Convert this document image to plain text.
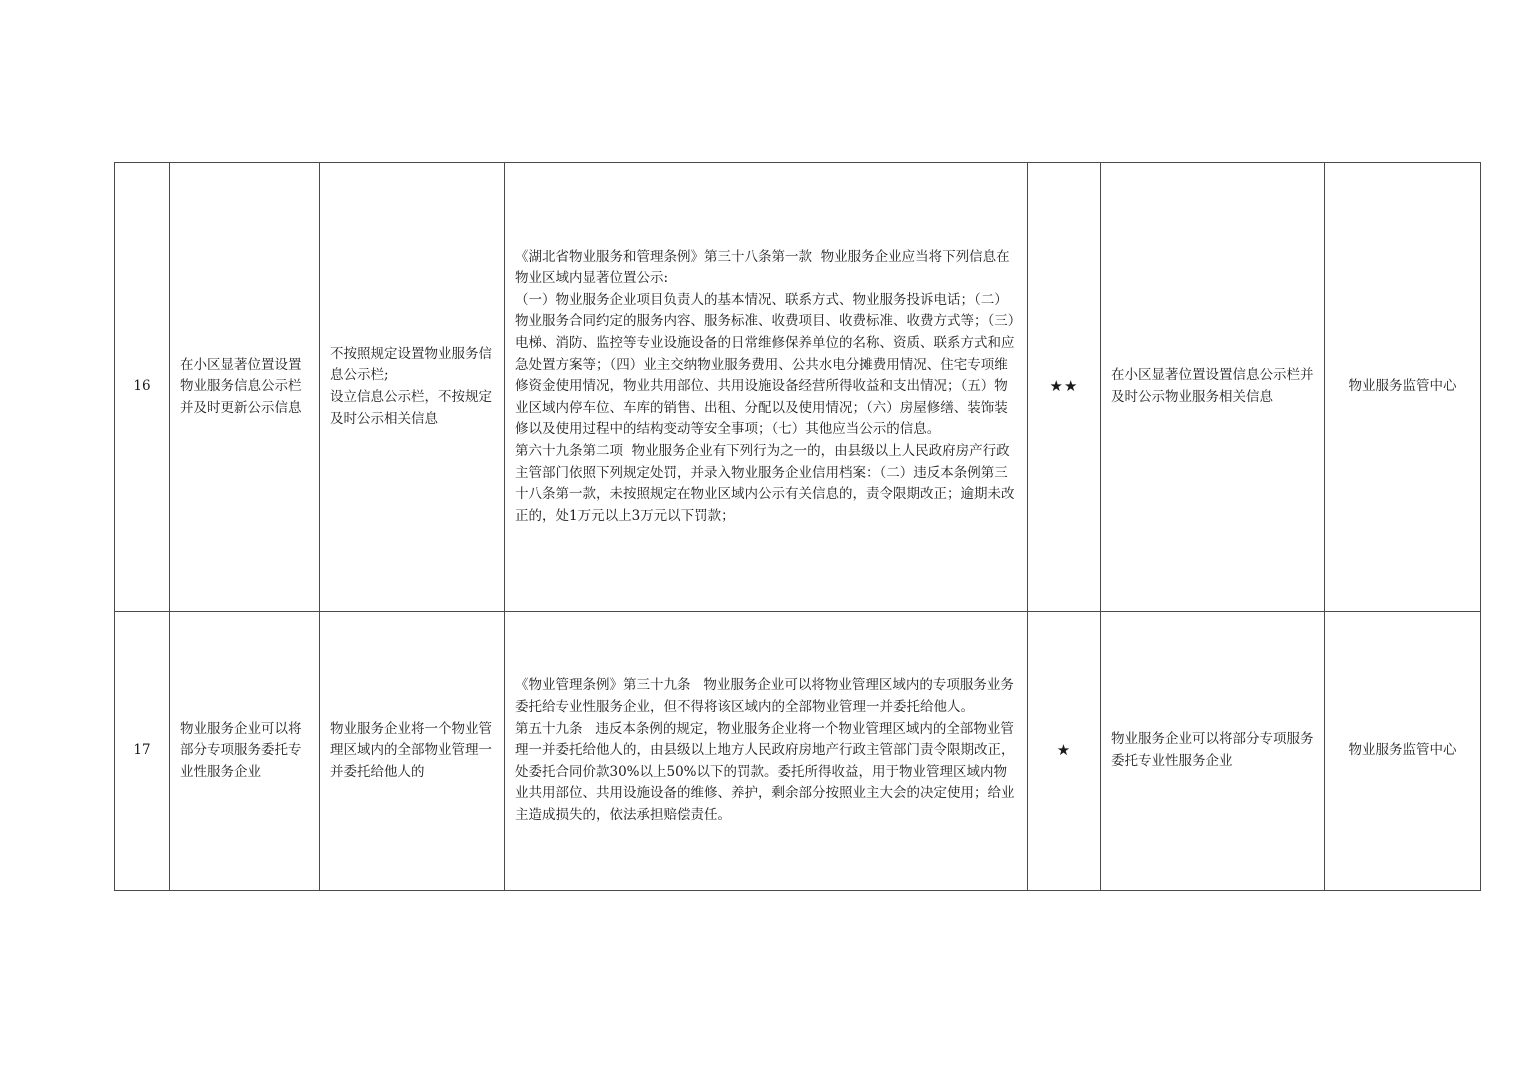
16	在小区显著位置设置物业服务信息公示栏并及时更新公示信息	不按照规定设置物业服务信息公示栏;
设立信息公示栏，不按规定及时公示相关信息	《湖北省物业服务和管理条例》第三十八条第一款  物业服务企业应当将下列信息在物业区域内显著位置公示:
（一）物业服务企业项目负责人的基本情况、联系方式、物业服务投诉电话；（二）物业服务合同约定的服务内容、服务标准、收费项目、收费标准、收费方式等；（三）电梯、消防、监控等专业设施设备的日常维修保养单位的名称、资质、联系方式和应急处置方案等；（四）业主交纳物业服务费用、公共水电分摊费用情况、住宅专项维修资金使用情况，物业共用部位、共用设施设备经营所得收益和支出情况；（五）物业区域内停车位、车库的销售、出租、分配以及使用情况；（六）房屋修缮、装饰装修以及使用过程中的结构变动等安全事项；（七）其他应当公示的信息。
第六十九条第二项  物业服务企业有下列行为之一的，由县级以上人民政府房产行政主管部门依照下列规定处罚，并录入物业服务企业信用档案：（二）违反本条例第三十八条第一款，未按照规定在物业区域内公示有关信息的，责令限期改正；逾期未改正的，处1万元以上3万元以下罚款；	★★	在小区显著位置设置信息公示栏并及时公示物业服务相关信息	物业服务监管中心
17	物业服务企业可以将部分专项服务委托专业性服务企业	物业服务企业将一个物业管理区域内的全部物业管理一并委托给他人的	《物业管理条例》第三十九条   物业服务企业可以将物业管理区域内的专项服务业务委托给专业性服务企业，但不得将该区域内的全部物业管理一并委托给他人。
第五十九条   违反本条例的规定，物业服务企业将一个物业管理区域内的全部物业管理一并委托给他人的，由县级以上地方人民政府房地产行政主管部门责令限期改正，处委托合同价款30%以上50%以下的罚款。委托所得收益，用于物业管理区域内物业共用部位、共用设施设备的维修、养护，剩余部分按照业主大会的决定使用；给业主造成损失的，依法承担赔偿责任。	★	物业服务企业可以将部分专项服务委托专业性服务企业	物业服务监管中心
